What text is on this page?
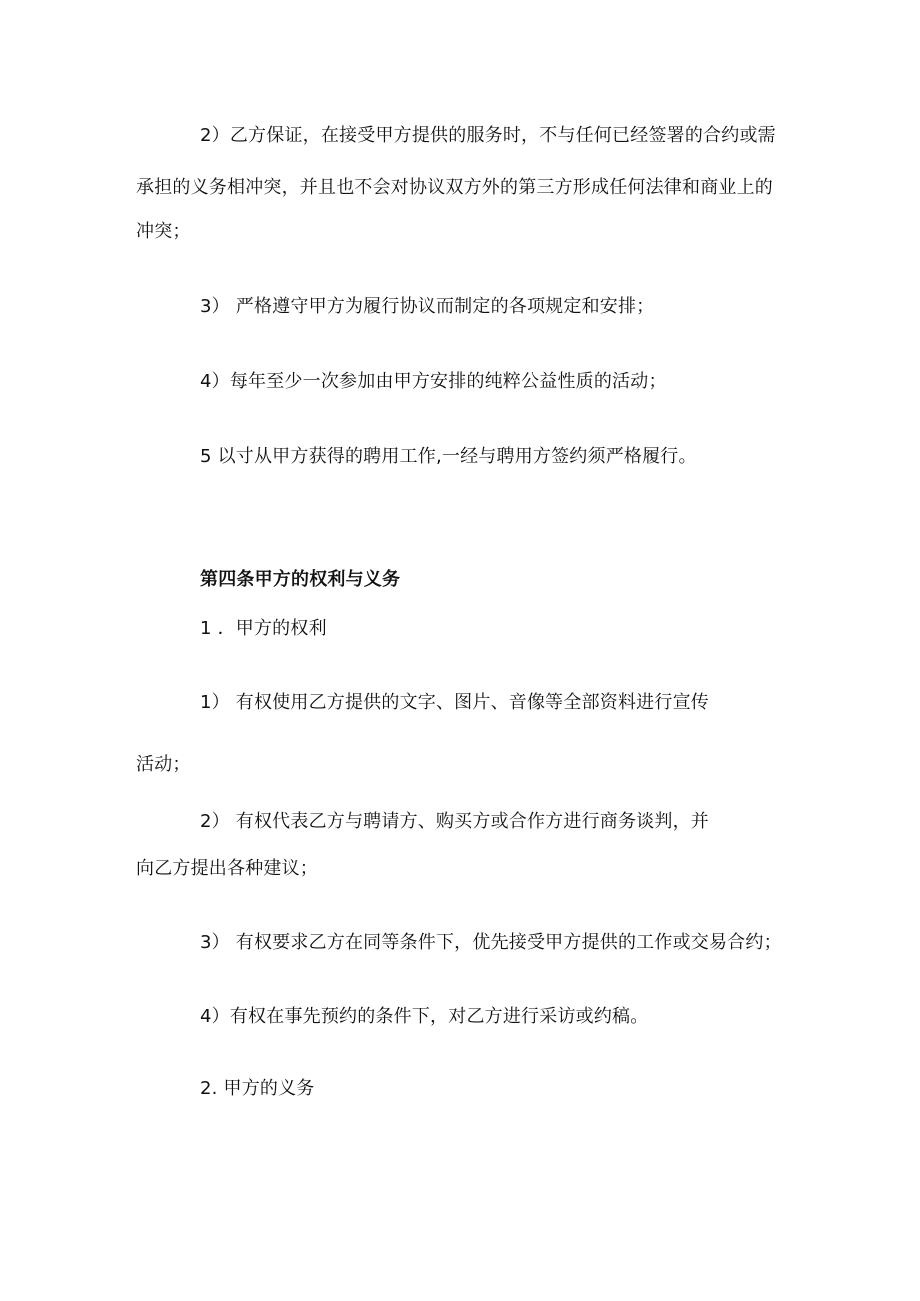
2）乙方保证，在接受甲方提供的服务时，不与任何已经签署的合约或需
承担的义务相冲突，并且也不会对协议双方外的第三方形成任何法律和商业上的
冲突；
3） 严格遵守甲方为履行协议而制定的各项规定和安排；
4）每年至少一次参加由甲方安排的纯粹公益性质的活动；
5 以寸从甲方获得的聘用工作,一经与聘用方签约须严格履行。
第四条甲方的权利与义务
1 ．甲方的权利
1） 有权使用乙方提供的文字、图片、音像等全部资料进行宣传
活动；
2） 有权代表乙方与聘请方、购买方或合作方进行商务谈判，并
向乙方提出各种建议；
3） 有权要求乙方在同等条件下，优先接受甲方提供的工作或交易合约；
4）有权在事先预约的条件下，对乙方进行采访或约稿。
2. 甲方的义务
